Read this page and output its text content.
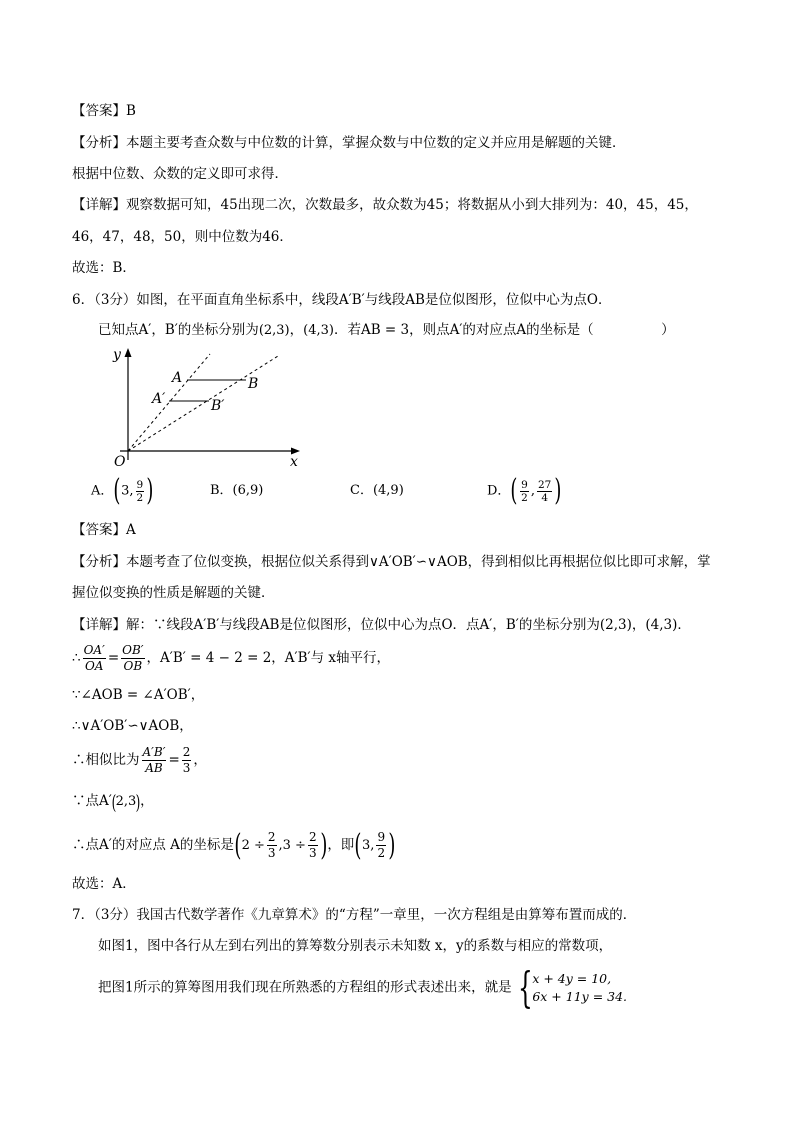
【答案】B
【分析】本题主要考查众数与中位数的计算，掌握众数与中位数的定义并应用是解题的关键．
根据中位数、众数的定义即可求得．
【详解】观察数据可知，45出现二次，次数最多，故众数为45；将数据从小到大排列为：40，45，45，
46，47，48，50，则中位数为46．
故选：B．
6．（3分）如图，在平面直角坐标系中，线段A′B′与线段AB是位似图形，位似中心为点O．
已知点A′，B′的坐标分别为(2,3)，(4,3)．若AB = 3，则点A′的对应点A的坐标是（　　　　　）
y
x
O
A	B
A′	B′
A．(3, $\frac{9}{2}$ )	B．(6,9)	C．(4,9)	D．( $\frac{9}{2}$ , $\frac{27}{4}$ )
【答案】A
【分析】本题考查了位似变换，根据位似关系得到∨A′OB′∽∨AOB，得到相似比再根据位似比即可求解，掌
握位似变换的性质是解题的关键．
【详解】解：∵线段A′B′与线段AB是位似图形，位似中心为点O．点A′，B′的坐标分别为(2,3)，(4,3)．
∴ $\frac{OA'}{OA} = \frac{OB'}{OB}$ ，A′B′ = 4 − 2 = 2，A′B′与 x轴平行，
∵∠AOB = ∠A′OB′，
∴∨A′OB′∽∨AOB，
∴相似比为 $\frac{A'B'}{AB} = \frac{2}{3}$ ，
∵点A′(2,3)，
∴点A′的对应点 A的坐标是($2 \div \frac{2}{3} ,3 \div \frac{2}{3}$ )，即(3, $\frac{9}{2}$ )
故选：A．
7．（3分）我国古代数学著作《九章算术》的“方程”一章里，一次方程组是由算筹布置而成的．
如图1，图中各行从左到右列出的算筹数分别表示未知数 x，y的系数与相应的常数项，
把图1所示的算筹图用我们现在所熟悉的方程组的形式表述出来，就是 { x + 4y = 10,
6x + 11y = 34.
